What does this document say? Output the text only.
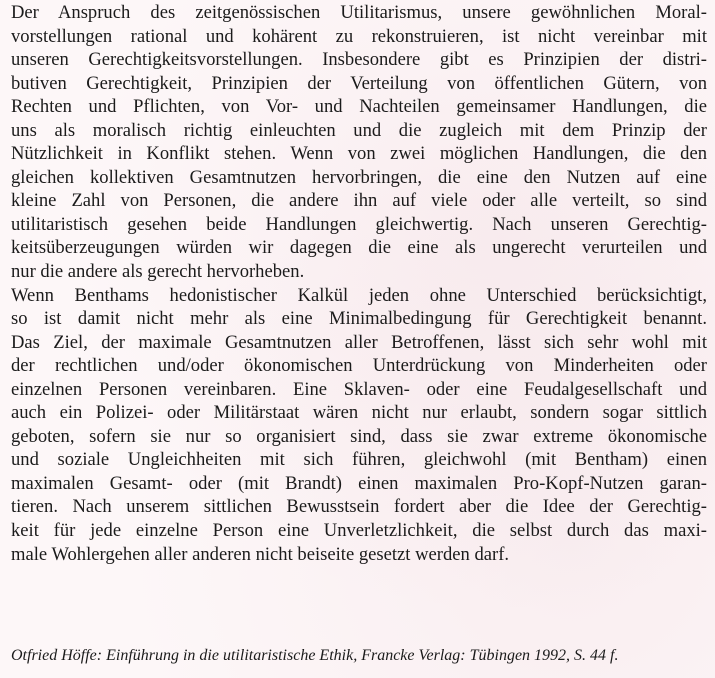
Der Anspruch des zeitgenössischen Utilitarismus, unsere gewöhnlichen Moral-
vorstellungen rational und kohärent zu rekonstruieren, ist nicht vereinbar mit
unseren Gerechtigkeitsvorstellungen. Insbesondere gibt es Prinzipien der distri-
butiven Gerechtigkeit, Prinzipien der Verteilung von öffentlichen Gütern, von
Rechten und Pflichten, von Vor- und Nachteilen gemeinsamer Handlungen, die
uns als moralisch richtig einleuchten und die zugleich mit dem Prinzip der
Nützlichkeit in Konflikt stehen. Wenn von zwei möglichen Handlungen, die den
gleichen kollektiven Gesamtnutzen hervorbringen, die eine den Nutzen auf eine
kleine Zahl von Personen, die andere ihn auf viele oder alle verteilt, so sind
utilitaristisch gesehen beide Handlungen gleichwertig. Nach unseren Gerechtig-
keitsüberzeugungen würden wir dagegen die eine als ungerecht verurteilen und
nur die andere als gerecht hervorheben.
Wenn Benthams hedonistischer Kalkül jeden ohne Unterschied berücksichtigt,
so ist damit nicht mehr als eine Minimalbedingung für Gerechtigkeit benannt.
Das Ziel, der maximale Gesamtnutzen aller Betroffenen, lässt sich sehr wohl mit
der rechtlichen und/oder ökonomischen Unterdrückung von Minderheiten oder
einzelnen Personen vereinbaren. Eine Sklaven- oder eine Feudalgesellschaft und
auch ein Polizei- oder Militärstaat wären nicht nur erlaubt, sondern sogar sittlich
geboten, sofern sie nur so organisiert sind, dass sie zwar extreme ökonomische
und soziale Ungleichheiten mit sich führen, gleichwohl (mit Bentham) einen
maximalen Gesamt- oder (mit Brandt) einen maximalen Pro-Kopf-Nutzen garan-
tieren. Nach unserem sittlichen Bewusstsein fordert aber die Idee der Gerechtig-
keit für jede einzelne Person eine Unverletzlichkeit, die selbst durch das maxi-
male Wohlergehen aller anderen nicht beiseite gesetzt werden darf.
Otfried Höffe: Einführung in die utilitaristische Ethik, Francke Verlag: Tübingen 1992, S. 44 f.
